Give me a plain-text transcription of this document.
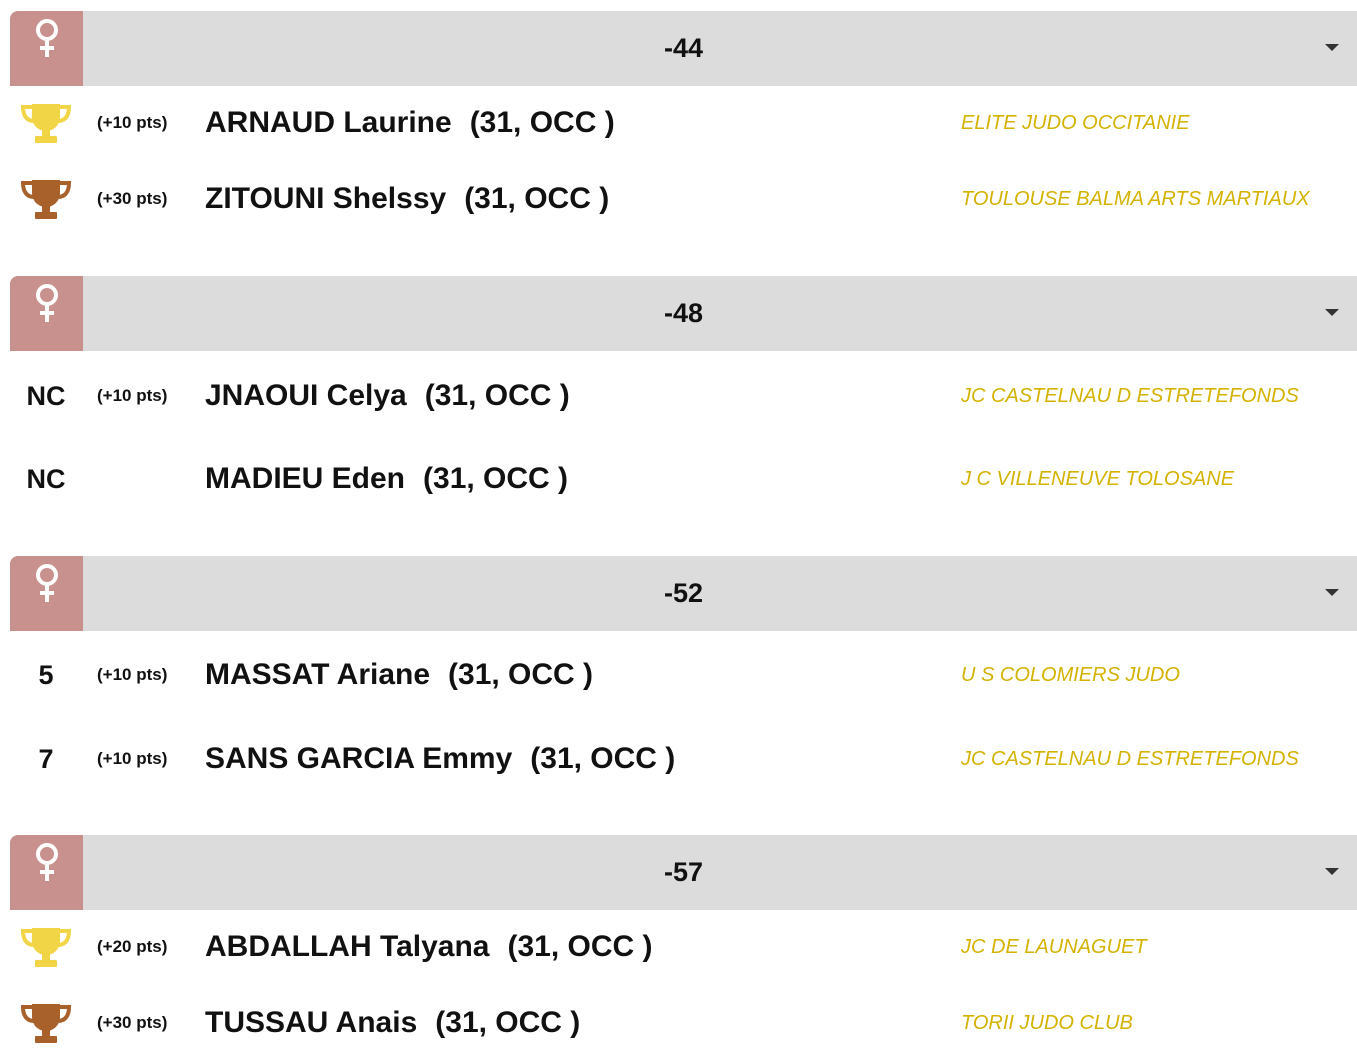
-44
(+10 pts) ARNAUD Laurine (31, OCC )	ELITE JUDO OCCITANIE
(+30 pts) ZITOUNI Shelssy (31, OCC )	TOULOUSE BALMA ARTS MARTIAUX
-48
NC	(+10 pts) JNAOUI Celya (31, OCC )	JC CASTELNAU D ESTRETEFONDS
NC	MADIEU Eden (31, OCC )	J C VILLENEUVE TOLOSANE
-52
5	(+10 pts) MASSAT Ariane (31, OCC )	U S COLOMIERS JUDO
7	(+10 pts) SANS GARCIA Emmy (31, OCC )	JC CASTELNAU D ESTRETEFONDS
-57
(+20 pts) ABDALLAH Talyana (31, OCC )	JC DE LAUNAGUET
(+30 pts) TUSSAU Anais (31, OCC )	TORII JUDO CLUB
